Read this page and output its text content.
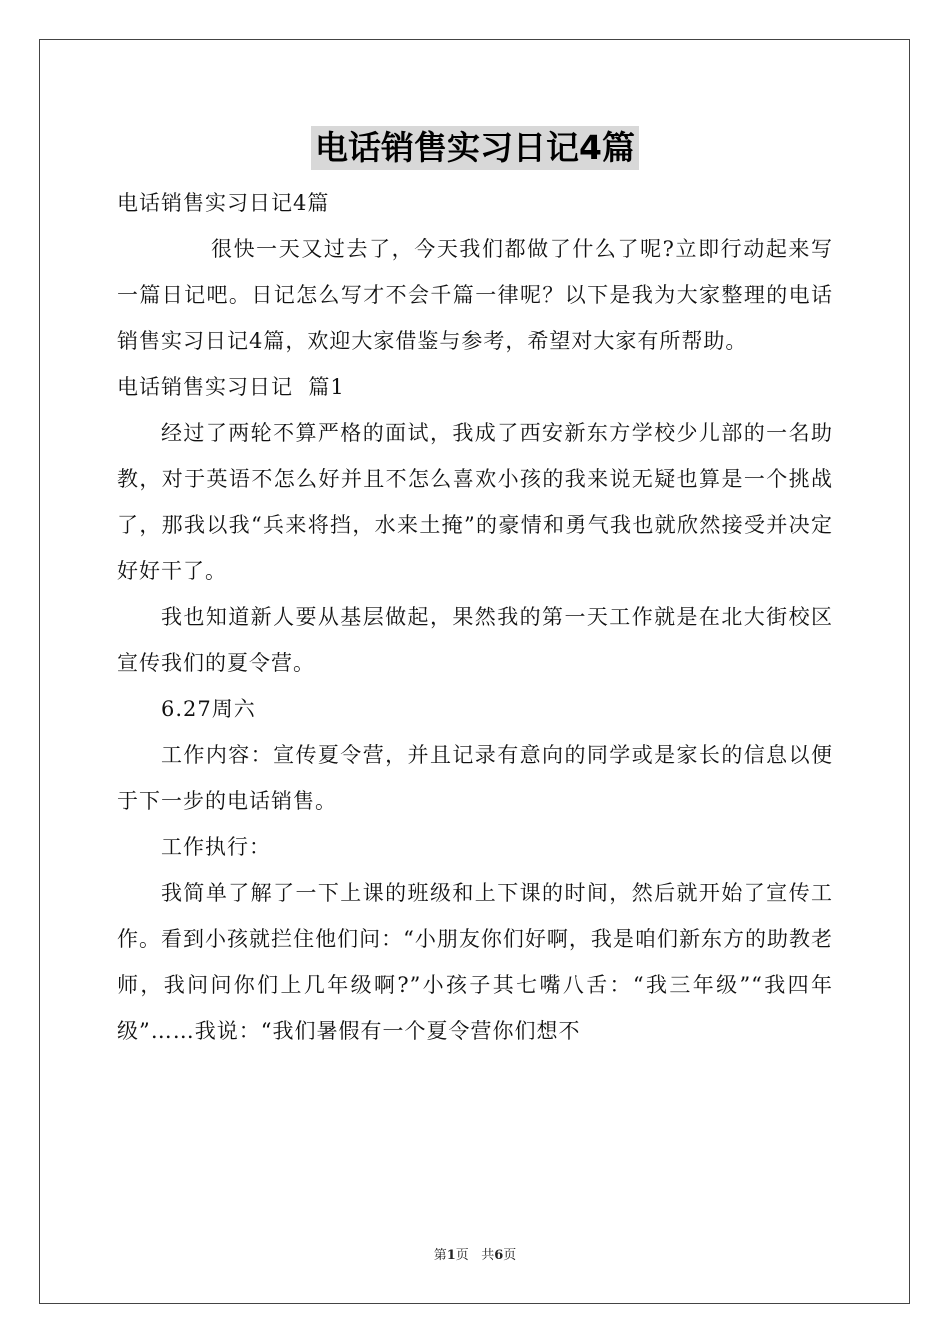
电话销售实习日记4篇

电话销售实习日记4篇

很快一天又过去了，今天我们都做了什么了呢?立即行动起来写一篇日记吧。日记怎么写才不会千篇一律呢？以下是我为大家整理的电话销售实习日记4篇，欢迎大家借鉴与参考，希望对大家有所帮助。

电话销售实习日记  篇1

经过了两轮不算严格的面试，我成了西安新东方学校少儿部的一名助教，对于英语不怎么好并且不怎么喜欢小孩的我来说无疑也算是一个挑战了，那我以我“兵来将挡，水来土掩”的豪情和勇气我也就欣然接受并决定好好干了。

我也知道新人要从基层做起，果然我的第一天工作就是在北大街校区宣传我们的夏令营。

6.27周六

工作内容：宣传夏令营，并且记录有意向的同学或是家长的信息以便于下一步的电话销售。

工作执行：

我简单了解了一下上课的班级和上下课的时间，然后就开始了宣传工作。看到小孩就拦住他们问：“小朋友你们好啊，我是咱们新东方的助教老师，我问问你们上几年级啊?”小孩子其七嘴八舌：“我三年级”“我四年级”……我说：“我们暑假有一个夏令营你们想不

第1页 共6页
